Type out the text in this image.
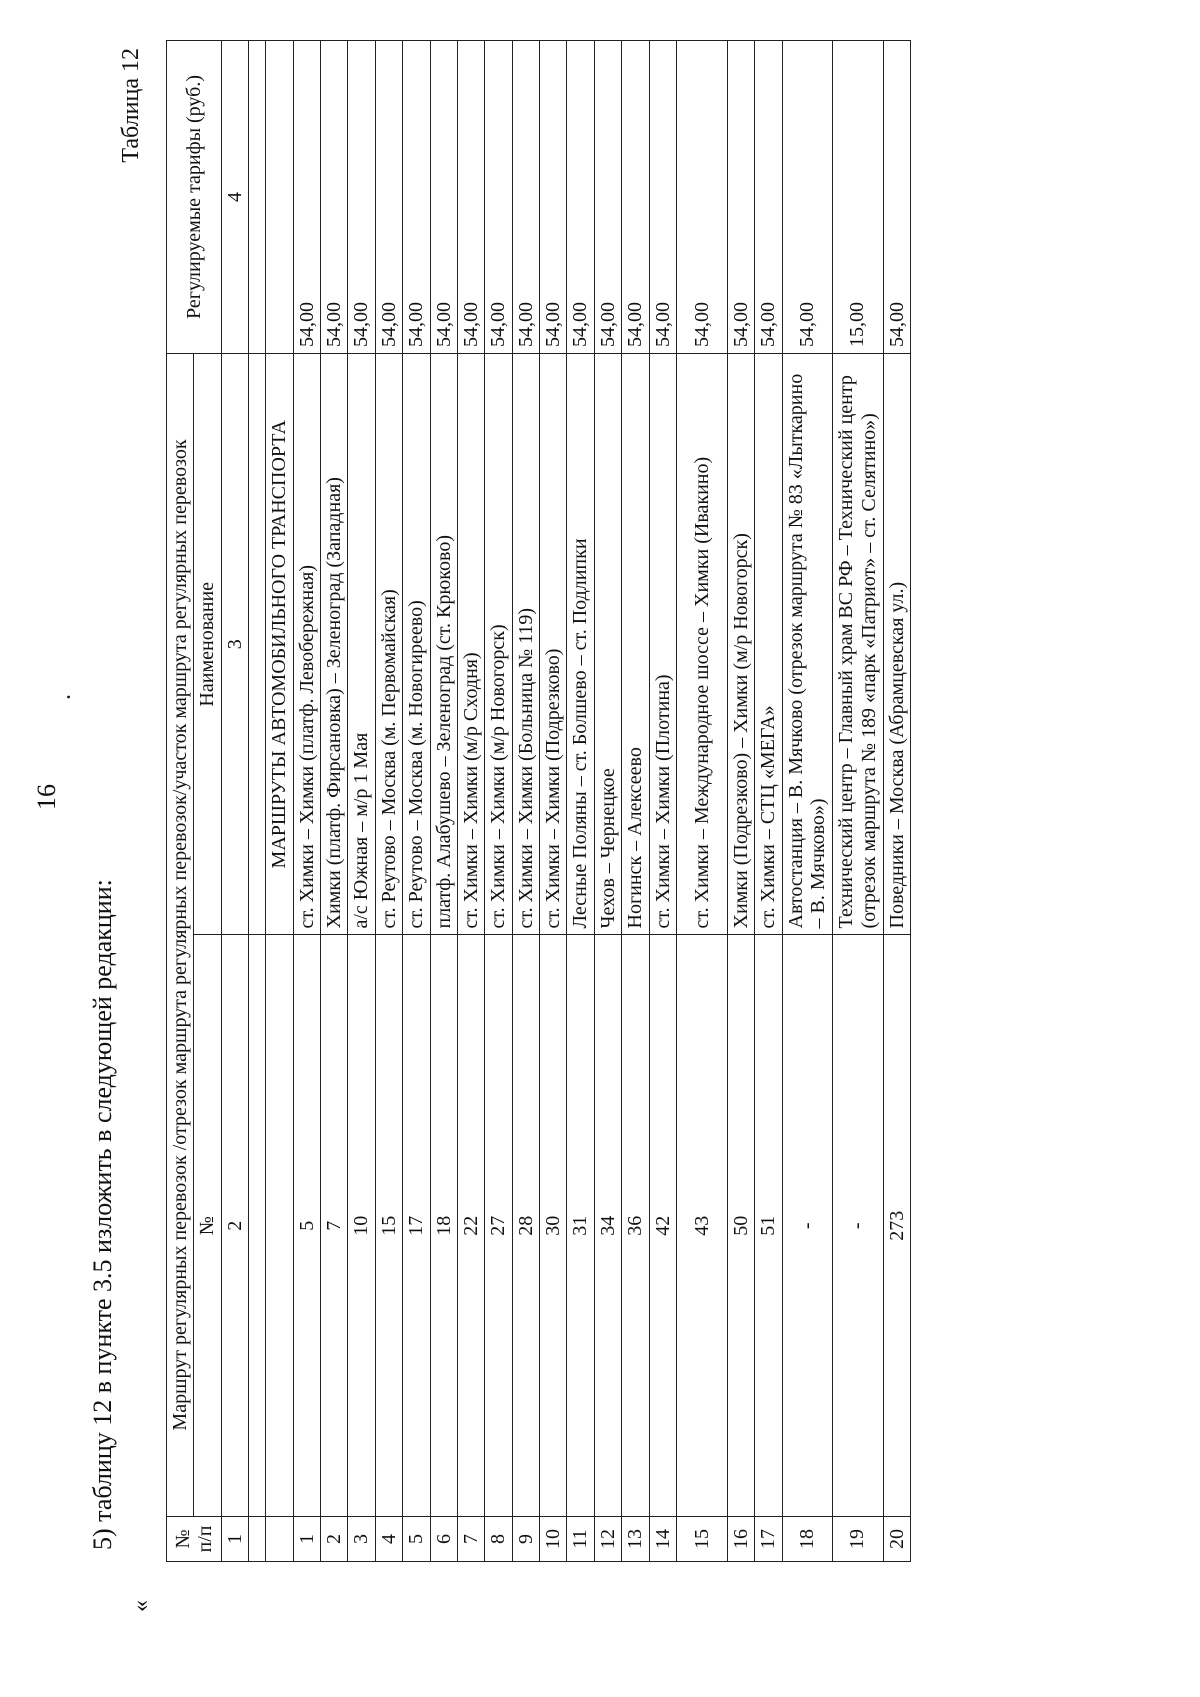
16
.
5) таблицу 12 в пункте 3.5 изложить в следующей редакции:
«
Таблица 12
№ п/п	Маршрут регулярных перевозок /отрезок маршрута регулярных перевозок/участок маршрута регулярных перевозок		Регулируемые тарифы (руб.)
	№	Наименование	
1	2	3	4

		МАРШРУТЫ АВТОМОБИЛЬНОГО ТРАНСПОРТА	
1	5	ст. Химки – Химки (платф. Левобережная)	54,00
2	7	Химки (платф. Фирсановка) – Зеленоград (Западная)	54,00
3	10	а/с Южная – м/р 1 Мая	54,00
4	15	ст. Реутово – Москва (м. Первомайская)	54,00
5	17	ст. Реутово – Москва (м. Новогиреево)	54,00
6	18	платф. Алабушево – Зеленоград (ст. Крюково)	54,00
7	22	ст. Химки – Химки (м/р Сходня)	54,00
8	27	ст. Химки – Химки (м/р Новогорск)	54,00
9	28	ст. Химки – Химки (Больница № 119)	54,00
10	30	ст. Химки – Химки (Подрезково)	54,00
11	31	Лесные Поляны – ст. Болшево – ст. Подлипки	54,00
12	34	Чехов – Чернецкое	54,00
13	36	Ногинск – Алексеево	54,00
14	42	ст. Химки – Химки (Плотина)	54,00
15	43	ст. Химки – Международное шоссе – Химки (Ивакино)	54,00
16	50	Химки (Подрезково) – Химки (м/р Новогорск)	54,00
17	51	ст. Химки – СТЦ «МЕГА»	54,00
18	-	Автостанция – В. Мячково (отрезок маршрута № 83 «Лыткарино – В. Мячково»)	54,00
19	-	Технический центр – Главный храм ВС РФ – Технический центр (отрезок маршрута № 189 «парк «Патриот» – ст. Селятино»)	15,00
20	273	Поведники – Москва (Абрамцевская ул.)	54,00
